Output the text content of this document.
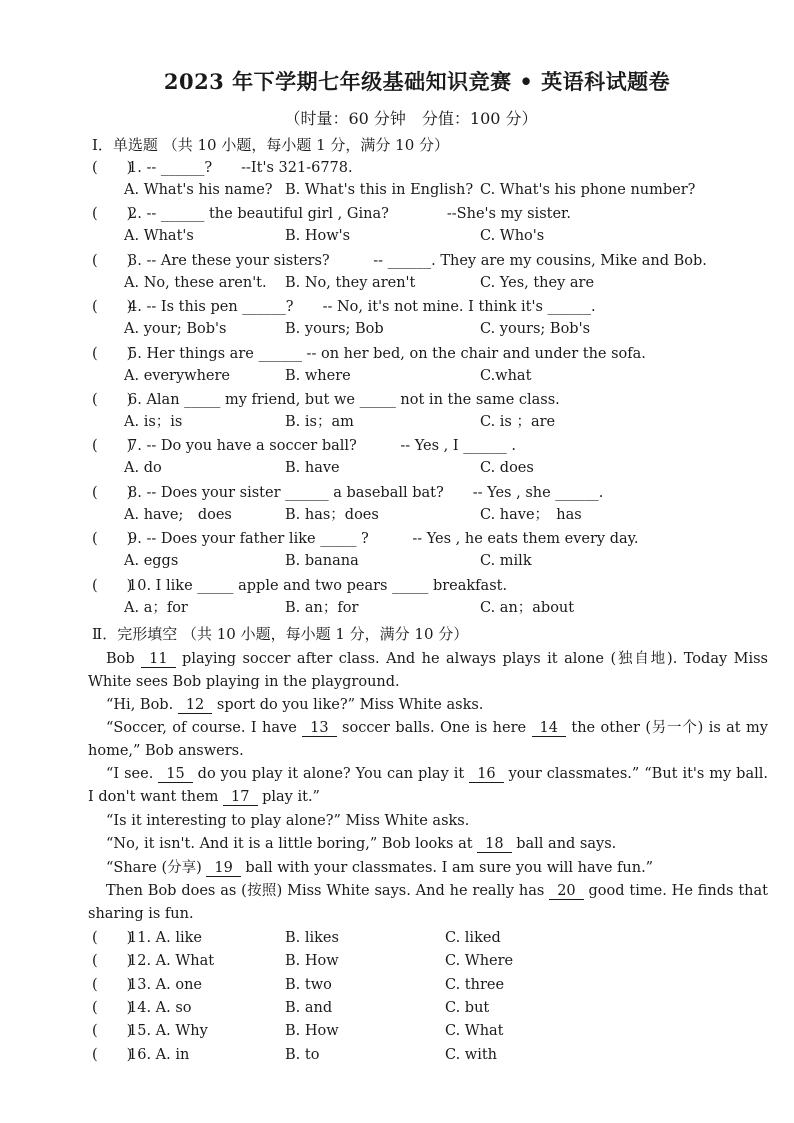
2023 年下学期七年级基础知识竞赛 • 英语科试题卷
（时量：60 分钟　分值：100 分）
Ⅰ．单选题 （共 10 小题，每小题 1 分，满分 10 分）
(　　)
1. -- ______?　　--It's 321-6778.
A. What's his name? B. What's this in English? C. What's his phone number?
(　　)
2. -- ______ the beautiful girl , Gina?　　　　--She's my sister.
A. What's	B. How's	C. Who's
(　　)
3. -- Are these your sisters?　　　-- ______. They are my cousins, Mike and Bob.
A. No, these aren't. B. No, they aren't	C. Yes, they are
(　　)
4. -- Is this pen ______?　　-- No, it's not mine. I think it's ______.
A. your; Bob's	B. yours; Bob	C. yours; Bob's
(　　)
5. Her things are ______ -- on her bed, on the chair and under the sofa.
A. everywhere	B. where	C.what
(　　)
6. Alan _____ my friend, but we _____ not in the same class.
A. is；is	B. is；am	C. is ；are
(　　)
7. -- Do you have a soccer ball?　　　-- Yes , I ______ .
A. do	B. have	C. does
(　　)
8. -- Does your sister ______ a baseball bat?　　-- Yes , she ______.
A. have;　does	B. has；does	C. have；　has
(　　)
9. -- Does your father like _____ ?　　　-- Yes , he eats them every day.
A. eggs	B. banana	C. milk
(　　)
10. I like _____ apple and two pears _____ breakfast.
A. a；for	B. an；for	C. an；about
Ⅱ．完形填空 （共 10 小题，每小题 1 分，满分 10 分）
Bob 11 playing soccer after class. And he always plays it alone (独自地). Today Miss White sees Bob playing in the playground.
“Hi, Bob. 12 sport do you like?” Miss White asks.
“Soccer, of course. I have 13 soccer balls. One is here 14 the other (另一个) is at my home,” Bob answers.
“I see. 15 do you play it alone? You can play it 16 your classmates.” “But it's my ball. I don't want them 17 play it.”
“Is it interesting to play alone?” Miss White asks.
“No, it isn't. And it is a little boring,” Bob looks at 18 ball and says.
“Share (分享) 19 ball with your classmates. I am sure you will have fun.”
Then Bob does as (按照) Miss White says. And he really has 20 good time. He finds that sharing is fun.
(　　)
11. A. like	B. likes	C. liked
(　　)
12. A. What	B. How	C. Where
(　　)
13. A. one	B. two	C. three
(　　)
14. A. so	B. and	C. but
(　　)
15. A. Why	B. How	C. What
(　　)
16. A. in	B. to	C. with
